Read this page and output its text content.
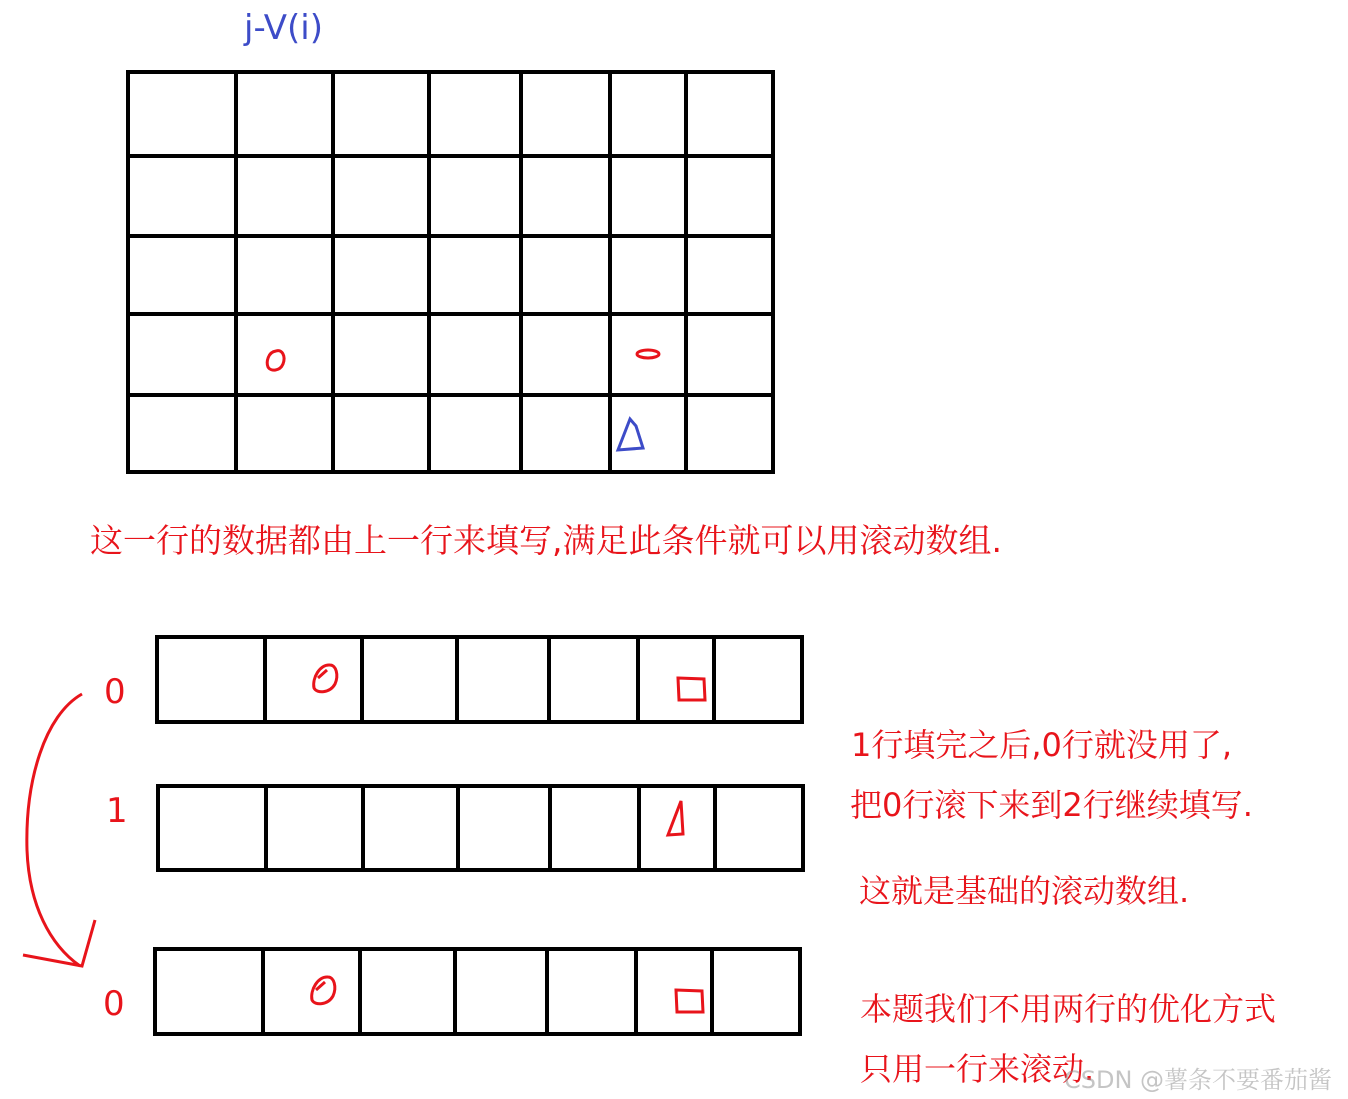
j-V(i)
这一行的数据都由上一行来填写,满足此条件就可以用滚动数组.
0
1
0
1行填完之后,0行就没用了,
把0行滚下来到2行继续填写.
这就是基础的滚动数组.
本题我们不用两行的优化方式
只用一行来滚动.
CSDN @薯条不要番茄酱
